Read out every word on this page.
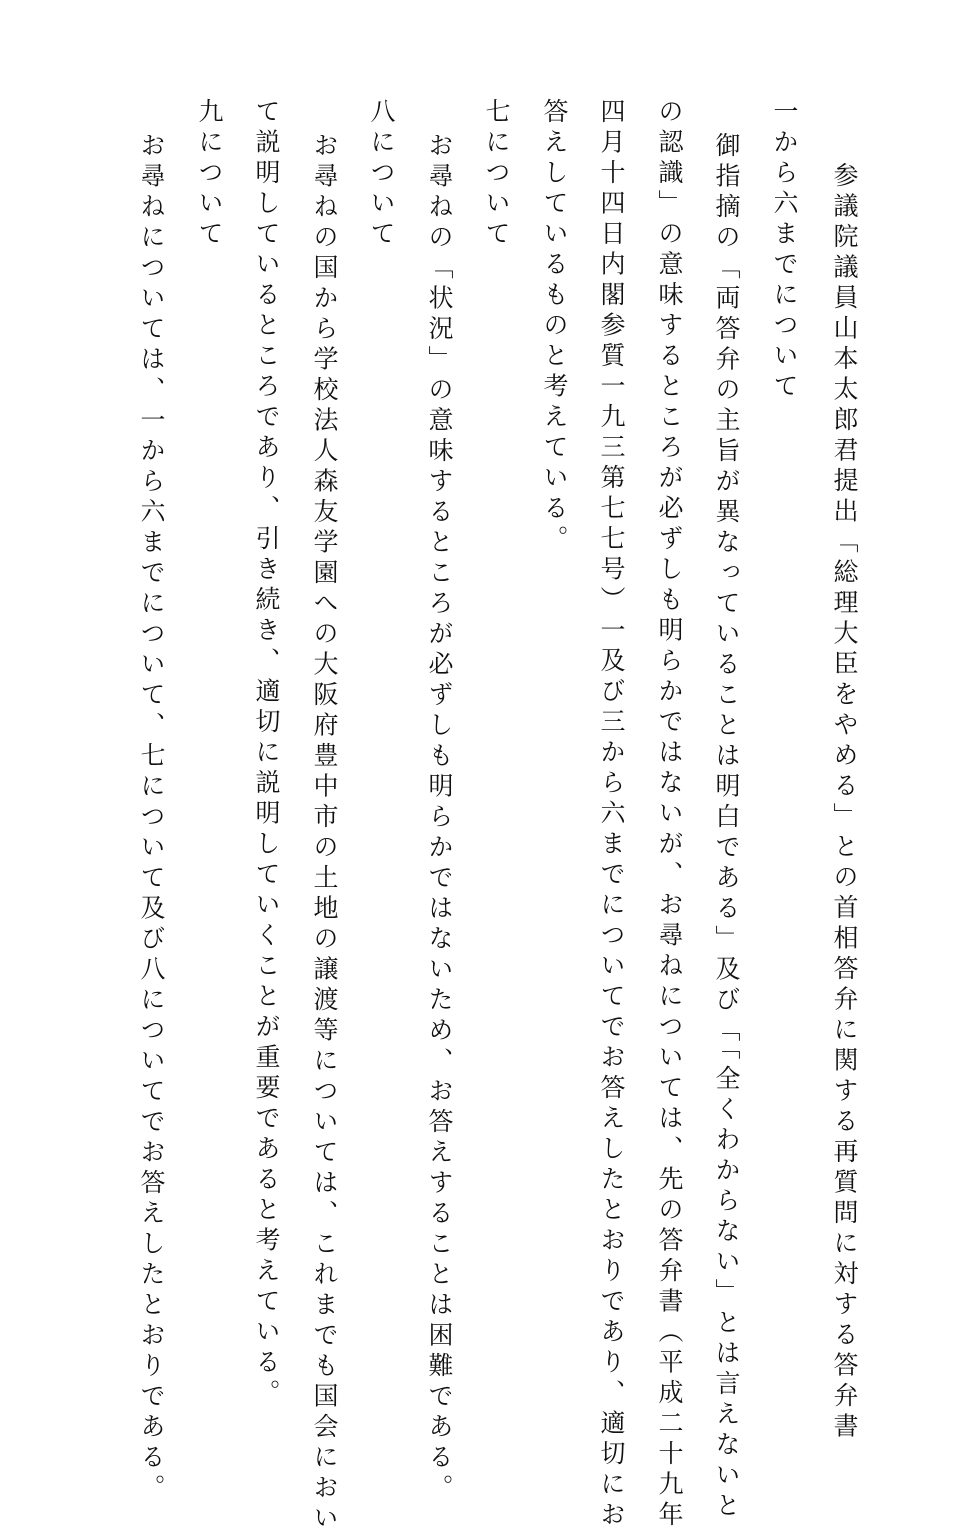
参議院議員山本太郎君提出「総理大臣をやめる」との首相答弁に関する再質問に対する答弁書
一から六までについて
御指摘の「両答弁の主旨が異なっていることは明白である」及び「「全くわからない」とは言えないと
の認識」の意味するところが必ずしも明らかではないが、お尋ねについては、先の答弁書（平成二十九年
四月十四日内閣参質一九三第七七号）一及び三から六までについてでお答えしたとおりであり、適切にお
答えしているものと考えている。
七について
お尋ねの「状況」の意味するところが必ずしも明らかではないため、お答えすることは困難である。
八について
お尋ねの国から学校法人森友学園への大阪府豊中市の土地の譲渡等については、これまでも国会におい
て説明しているところであり、引き続き、適切に説明していくことが重要であると考えている。
九について
お尋ねについては、一から六までについて、七について及び八についてでお答えしたとおりである。
